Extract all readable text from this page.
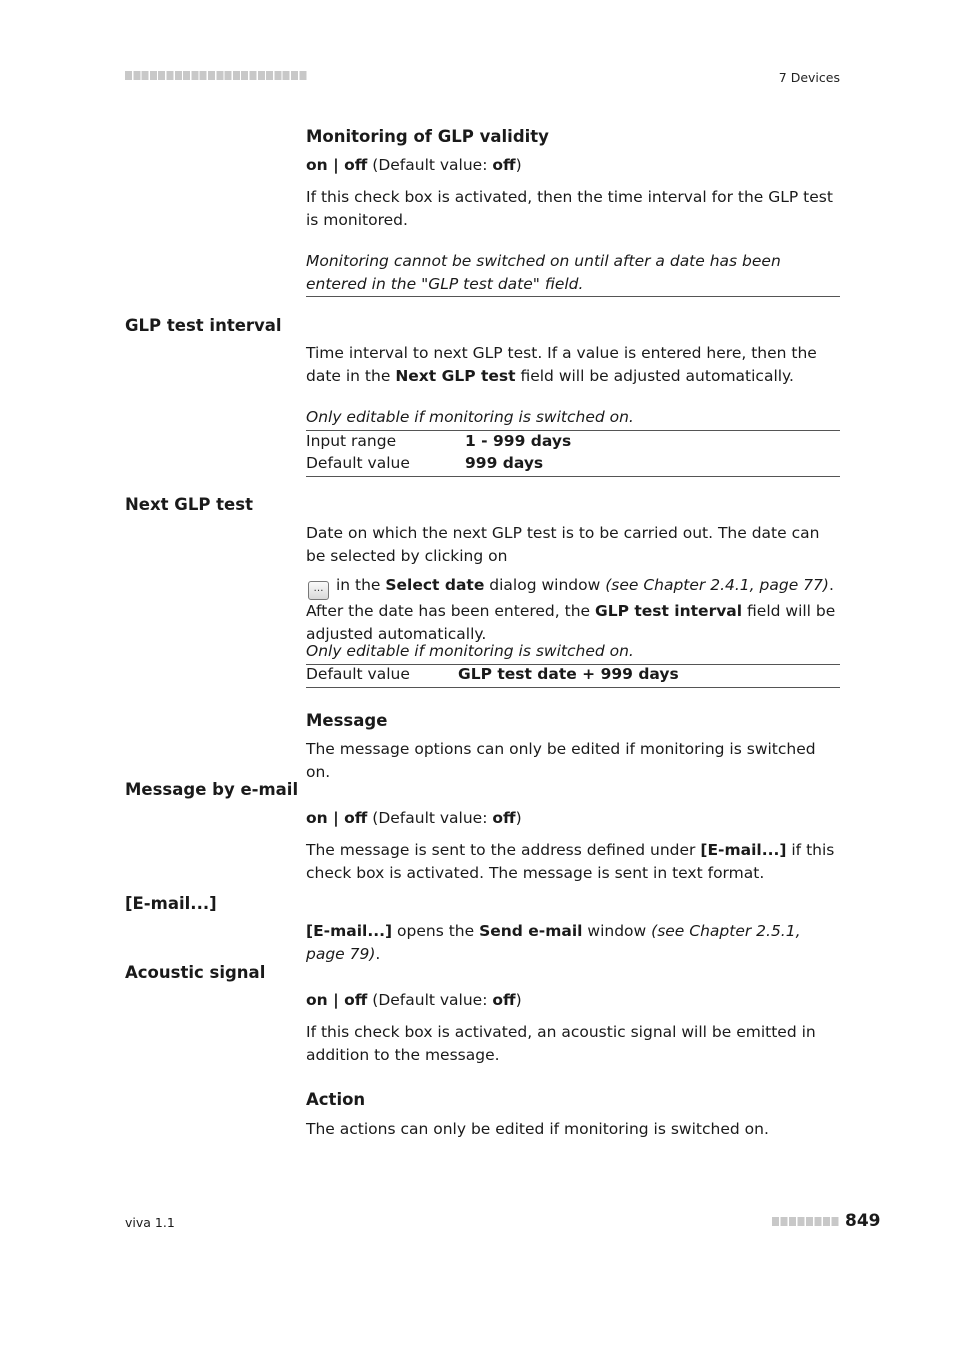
7 Devices
Monitoring of GLP validity
on | off (Default value: off)
If this check box is activated, then the time interval for the GLP test is monitored.
Monitoring cannot be switched on until after a date has been entered in the "GLP test date" field.
GLP test interval
Time interval to next GLP test. If a value is entered here, then the date in the Next GLP test field will be adjusted automatically.
Only editable if monitoring is switched on.
Input range	1 - 999 days
Default value	999 days
Next GLP test
Date on which the next GLP test is to be carried out. The date can be selected by clicking on
… in the Select date dialog window (see Chapter 2.4.1, page 77). After the date has been entered, the GLP test interval field will be adjusted automatically.
Only editable if monitoring is switched on.
Default value	GLP test date + 999 days
Message
The message options can only be edited if monitoring is switched on.
Message by e-mail
on | off (Default value: off)
The message is sent to the address defined under [E-mail...] if this check box is activated. The message is sent in text format.
[E-mail...]
[E-mail...] opens the Send e-mail window (see Chapter 2.5.1, page 79).
Acoustic signal
on | off (Default value: off)
If this check box is activated, an acoustic signal will be emitted in addition to the message.
Action
The actions can only be edited if monitoring is switched on.
viva 1.1	849
